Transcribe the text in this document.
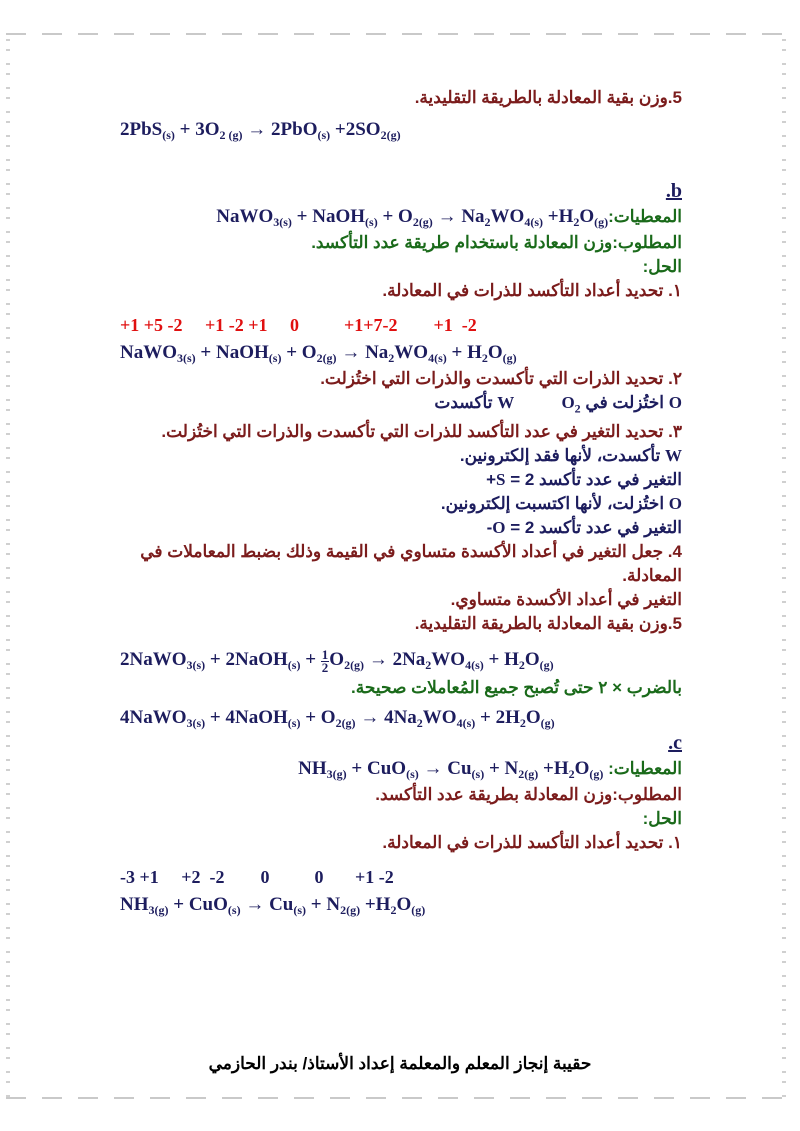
5.وزن بقية المعادلة بالطريقة التقليدية.

$2PbS_{(s)} + 3O_2$ $_{(g)} \to 2PbO_{(s)} +2SO_{2(g)}$

.b

المعطيات:NaWO$_{3(s)}$ + NaOH$_{(s)}$ + $O_{2(g)} \to Na_2WO_{4(s)} +H_2O_{(g)}$

المطلوب:وزن المعادلة باستخدام طريقة عدد التأكسد.

الحل:

١. تحديد أعداد التأكسد للذرات في المعادلة.

+1 +5 -2     +1 -2 +1     0          +1+7-2        +1  -2

NaWO$_{3(s)}$ + NaOH$_{(s)}$ + $O_{2(g)} \to Na_2WO_{4(s)} + H_2O_{(g)}$

٢. تحديد الذرات التي تأكسدت والذرات التي اختُزلت.

O اختُزلت في $O_2$          W تأكسدت

٣. تحديد التغير في عدد التأكسد للذرات التي تأكسدت والذرات التي اختُزلت.

W تأكسدت، لأنها فقد إلكترونين.

التغير في عدد تأكسد S = 2+

O اختُزلت، لأنها اكتسبت إلكترونين.

التغير في عدد تأكسد O = 2-

4. جعل التغير في أعداد الأكسدة متساوي في القيمة وذلك بضبط المعاملات في

المعادلة.

التغير في أعداد الأكسدة متساوي.

5.وزن بقية المعادلة بالطريقة التقليدية.

2NaWO$_{3(s)}$ + 2NaOH$_{(s)}$ + $\frac{1}{2} O_{2(g)} \to 2Na_2WO_{4(s)} + H_2O_{(g)}$

بالضرب × ٢ حتى تُصبح جميع المُعاملات صحيحة.

4NaWO$_{3(s)}$ + 4NaOH$_{(s)}$ + $O_{2(g)} \to 4Na_2WO_{4(s)} + 2H_2O_{(g)}$

.c

المعطيات: $NH_{3(g)} + CuO_{(s)} \to Cu_{(s)} + N_{2(g)} +H_2O_{(g)}$

المطلوب:وزن المعادلة بطريقة عدد التأكسد.

الحل:

١. تحديد أعداد التأكسد للذرات في المعادلة.

-3 +1     +2  -2        0          0       +1 -2

$NH_{3(g)} + CuO_{(s)} \to Cu_{(s)} + N_{2(g)} +H_2O_{(g)}$

حقيبة إنجاز المعلم والمعلمة إعداد الأستاذ/ بندر الحازمي
